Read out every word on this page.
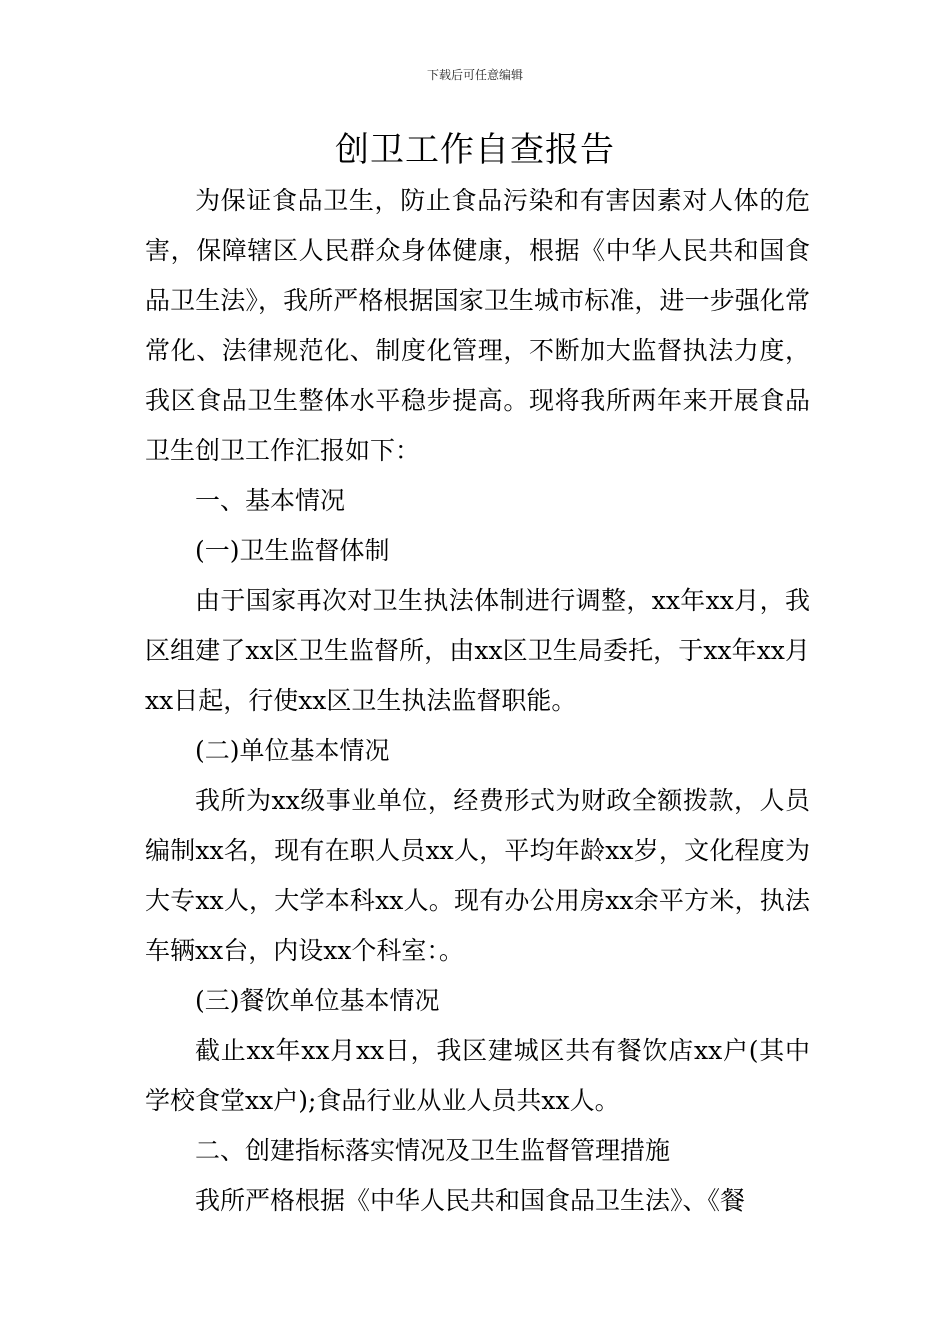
下载后可任意编辑
创卫工作自查报告

为保证食品卫生，防止食品污染和有害因素对人体的危害，保障辖区人民群众身体健康，根据《中华人民共和国食品卫生法》，我所严格根据国家卫生城市标准，进一步强化常常化、法律规范化、制度化管理，不断加大监督执法力度，我区食品卫生整体水平稳步提高。现将我所两年来开展食品卫生创卫工作汇报如下：

一、基本情况

(一)卫生监督体制

由于国家再次对卫生执法体制进行调整，xx年xx月，我区组建了xx区卫生监督所，由xx区卫生局委托，于xx年xx月xx日起，行使xx区卫生执法监督职能。

(二)单位基本情况

我所为xx级事业单位，经费形式为财政全额拨款，人员编制xx名，现有在职人员xx人，平均年龄xx岁，文化程度为大专xx人，大学本科xx人。现有办公用房xx余平方米，执法车辆xx台，内设xx个科室：。

(三)餐饮单位基本情况

截止xx年xx月xx日，我区建城区共有餐饮店xx户(其中学校食堂xx户);食品行业从业人员共xx人。

二、创建指标落实情况及卫生监督管理措施

我所严格根据《中华人民共和国食品卫生法》、《餐
